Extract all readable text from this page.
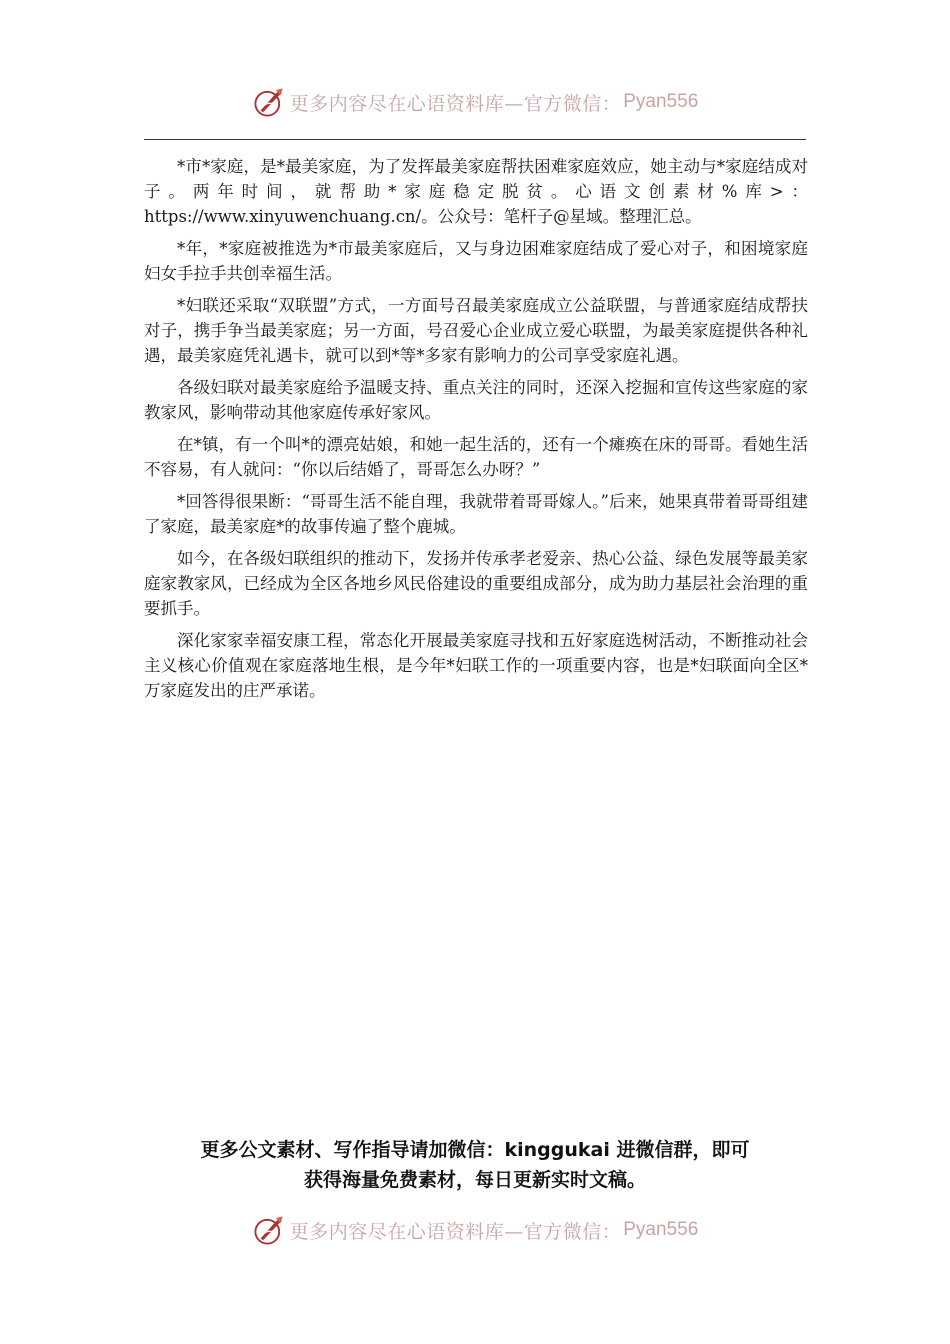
更多内容尽在心语资料库—官方微信： Pyan556

*市*家庭，是*最美家庭，为了发挥最美家庭帮扶困难家庭效应，她主动与*家庭结成对子。两年时间，就帮助*家庭稳定脱贫。心语文创素材%库>：https://www.xinyuwenchuang.cn/。公众号：笔杆子@星域。整理汇总。

*年，*家庭被推选为*市最美家庭后，又与身边困难家庭结成了爱心对子，和困境家庭妇女手拉手共创幸福生活。

*妇联还采取“双联盟”方式，一方面号召最美家庭成立公益联盟，与普通家庭结成帮扶对子，携手争当最美家庭；另一方面，号召爱心企业成立爱心联盟，为最美家庭提供各种礼遇，最美家庭凭礼遇卡，就可以到*等*多家有影响力的公司享受家庭礼遇。

各级妇联对最美家庭给予温暖支持、重点关注的同时，还深入挖掘和宣传这些家庭的家教家风，影响带动其他家庭传承好家风。

在*镇，有一个叫*的漂亮姑娘，和她一起生活的，还有一个瘫痪在床的哥哥。看她生活不容易，有人就问：“你以后结婚了，哥哥怎么办呀？”

*回答得很果断：“哥哥生活不能自理，我就带着哥哥嫁人。”后来，她果真带着哥哥组建了家庭，最美家庭*的故事传遍了整个鹿城。

如今，在各级妇联组织的推动下，发扬并传承孝老爱亲、热心公益、绿色发展等最美家庭家教家风，已经成为全区各地乡风民俗建设的重要组成部分，成为助力基层社会治理的重要抓手。

深化家家幸福安康工程，常态化开展最美家庭寻找和五好家庭选树活动，不断推动社会主义核心价值观在家庭落地生根，是今年*妇联工作的一项重要内容，也是*妇联面向全区*万家庭发出的庄严承诺。

更多公文素材、写作指导请加微信：kinggukai 进微信群，即可
获得海量免费素材，每日更新实时文稿。
更多内容尽在心语资料库—官方微信： Pyan556
